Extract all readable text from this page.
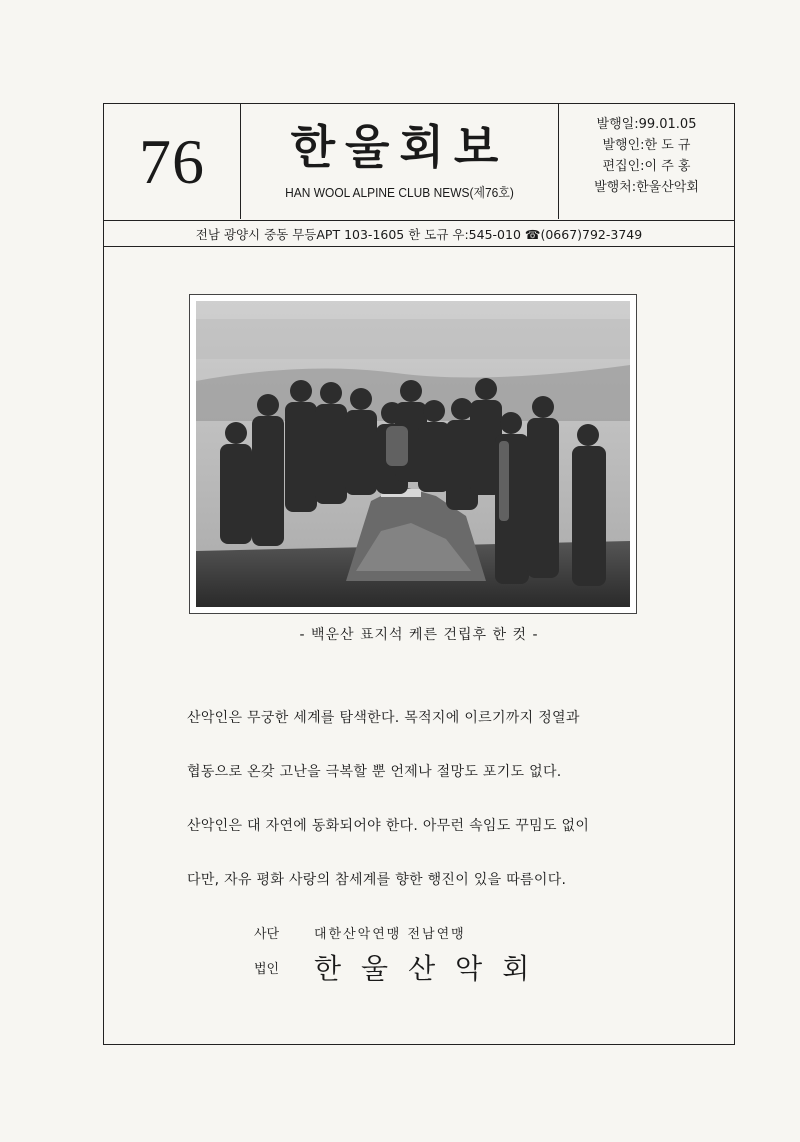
76	한울회보
HAN WOOL ALPINE CLUB NEWS(제76호)
발행일:99.01.05
발행인:한 도 규
편집인:이 주 홍
발행처:한울산악회
전남 광양시 중동 무등APT 103-1605 한 도규 우:545-010 ☎(0667)792-3749
- 백운산 표지석 케른 건립후 한 컷 -
산악인은 무궁한 세계를 탐색한다. 목적지에 이르기까지 정열과
협동으로 온갖 고난을 극복할 뿐 언제나 절망도 포기도 없다.
산악인은 대 자연에 동화되어야 한다. 아무런 속임도 꾸밈도 없이
다만, 자유 평화 사랑의 참세계를 향한 행진이 있을 따름이다.
사단	대한산악연맹 전남연맹
법인	한울산악회
